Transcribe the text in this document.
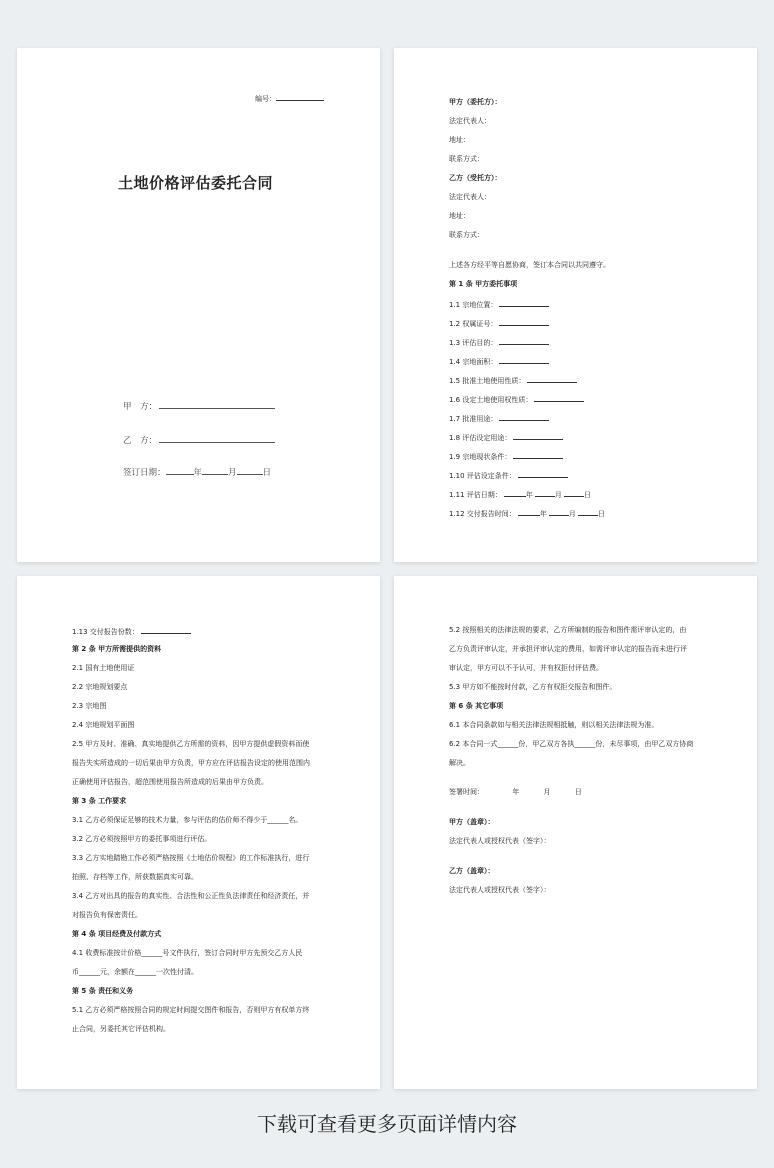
编号：
土地价格评估委托合同
甲　方：
乙　方：
签订日期：	年	月	日
甲方（委托方）：
法定代表人：
地址：
联系方式：
乙方（受托方）：
法定代表人：
地址：
联系方式：
上述各方经平等自愿协商，签订本合同以共同遵守。
第 1 条 甲方委托事项
1.1 宗地位置：
1.2 权属证号：
1.3 评估目的：
1.4 宗地面积：
1.5 批准土地使用性质：
1.6 设定土地使用权性质：
1.7 批准用途：
1.8 评估设定用途：
1.9 宗地现状条件：
1.10 评估设定条件：
1.11 评估日期：	年	月	日
1.12 交付报告时间：	年	月	日
1.13 交付报告份数：
第 2 条 甲方所需提供的资料
2.1 国有土地使用证
2.2 宗地规划要点
2.3 宗地图
2.4 宗地规划平面图
2.5 甲方及时、准确、真实地提供乙方所需的资料，因甲方提供虚假资料而使
报告失实所造成的一切后果由甲方负责，甲方应在评估报告设定的使用范围内
正确使用评估报告，超范围使用报告所造成的后果由甲方负责。
第 3 条 工作要求
3.1 乙方必须保证足够的技术力量，参与评估的估价师不得少于______名。
3.2 乙方必须按照甲方的委托事项进行评估。
3.3 乙方实地踏勘工作必须严格按照《土地估价规程》的工作标准执行，进行
拍照、存档等工作，所获数据真实可靠。
3.4 乙方对出具的报告的真实性、合法性和公正性负法律责任和经济责任，并
对报告负有保密责任。
第 4 条 项目经费及付款方式
4.1 收费标准按计价格______号文件执行，签订合同时甲方先预交乙方人民
币______元，余额在______一次性付清。
第 5 条 责任和义务
5.1 乙方必须严格按照合同的规定时间提交图件和报告，否则甲方有权单方终
止合同，另委托其它评估机构。
签署时间：	年	月	日
甲方（盖章）：
法定代表人或授权代表（签字）：
乙方（盖章）：
法定代表人或授权代表（签字）：
5.2 按照相关的法律法规的要求，乙方所编制的报告和图件需评审认定的，由
乙方负责评审认定，并承担评审认定的费用，如需评审认定的报告而未进行评
审认定，甲方可以不予认可，并有权拒付评估费。
5.3 甲方如不能按时付款，乙方有权拒交报告和图件。
第 6 条 其它事项
6.1 本合同条款如与相关法律法规相抵触，则以相关法律法规为准。
6.2 本合同一式______份，甲乙双方各执______份，未尽事项，由甲乙双方协商
解决。
下载可查看更多页面详情内容
